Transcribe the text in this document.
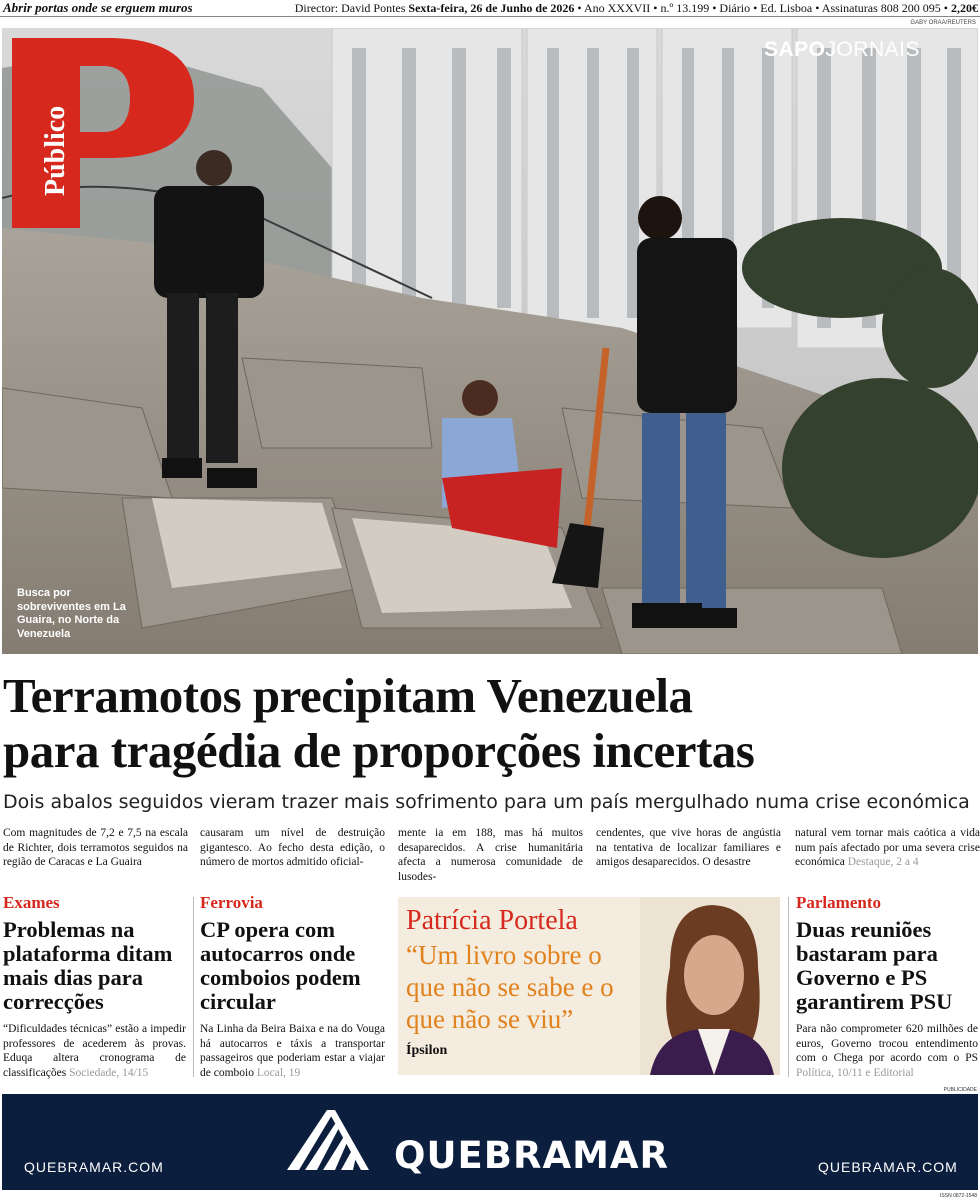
Abrir portas onde se erguem muros	Director: David Pontes Sexta-feira, 26 de Junho de 2026 • Ano XXXVII • n.º 13.199 • Diário • Ed. Lisboa • Assinaturas 808 200 095 • 2,20€
GABY ORAA/REUTERS
Público
SAPOJORNAIS
Busca por sobreviventes em La Guaira, no Norte da Venezuela
Terramotos precipitam Venezuela
para tragédia de proporções incertas
Dois abalos seguidos vieram trazer mais sofrimento para um país mergulhado numa crise económica
Com magnitudes de 7,2 e 7,5 na escala de Richter, dois terramotos seguidos na região de Caracas e La Guaira
causaram um nível de destruição gigantesco. Ao fecho desta edição, o número de mortos admitido oficial-
mente ia em 188, mas há muitos desaparecidos. A crise humanitária afecta a numerosa comunidade de lusodes-
cendentes, que vive horas de angústia na tentativa de localizar familiares e amigos desaparecidos. O desastre
natural vem tornar mais caótica a vida num país afectado por uma severa crise económica Destaque, 2 a 4
Exames
Problemas na plataforma ditam mais dias para correcções
“Dificuldades técnicas” estão a impedir professores de acederem às provas. Eduqa altera cronograma de classificações Sociedade, 14/15
Ferrovia
CP opera com autocarros onde comboios podem circular
Na Linha da Beira Baixa e na do Vouga há autocarros e táxis a transportar passageiros que poderiam estar a viajar de comboio Local, 19
Patrícia Portela
“Um livro sobre o que não se sabe e o que não se viu”
Ípsilon
Parlamento
Duas reuniões bastaram para Governo e PS garantirem PSU
Para não comprometer 620 milhões de euros, Governo trocou entendimento com o Chega por acordo com o PS Política, 10/11 e Editorial
PUBLICIDADE
QUEBRAMAR.COM	QUEBRAMAR	QUEBRAMAR.COM
ISSN 0872-1548
